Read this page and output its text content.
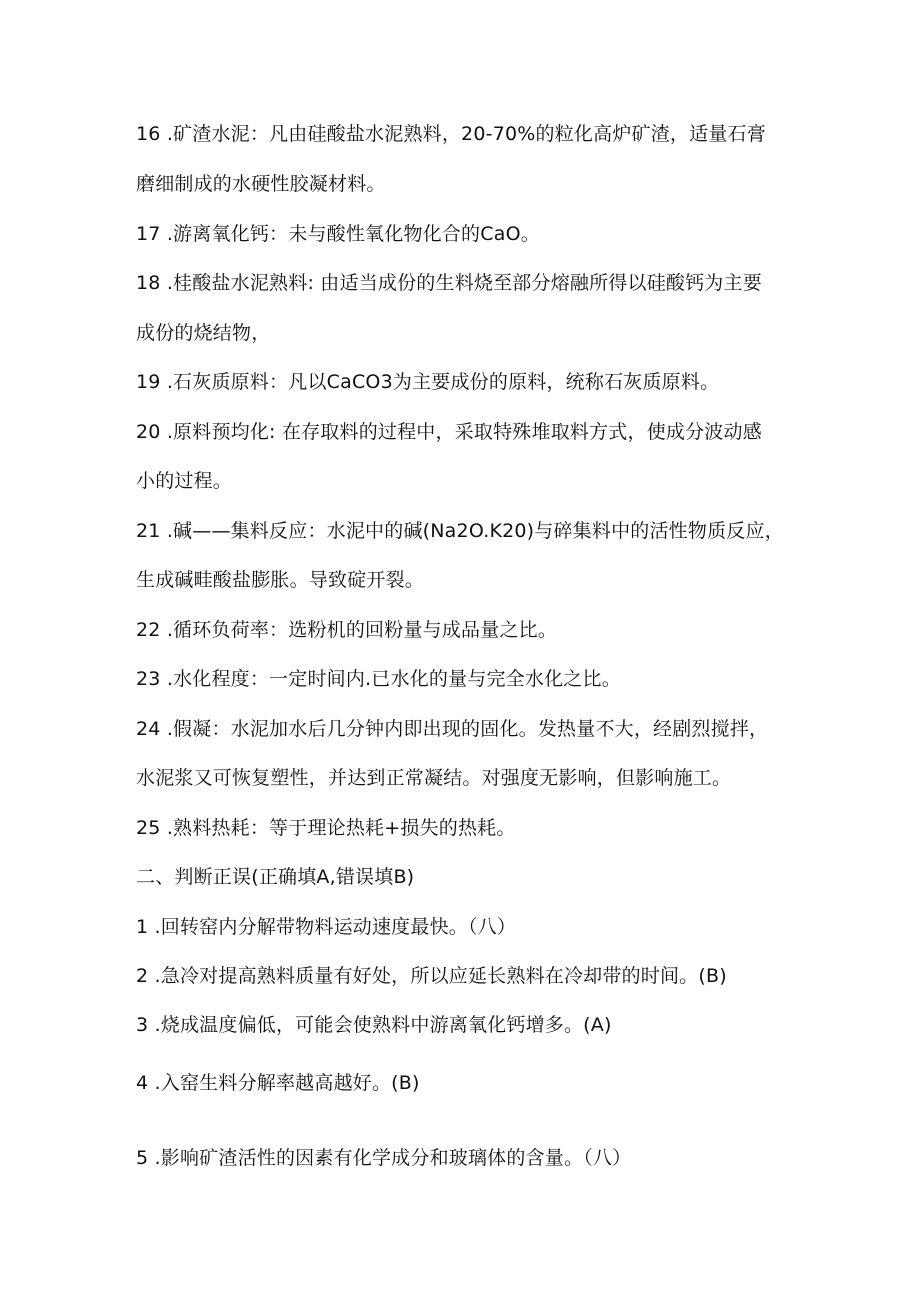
16 .矿渣水泥：凡由硅酸盐水泥熟料，20-70%的粒化高炉矿渣，适量石膏
磨细制成的水硬性胶凝材料。
17 .游离氧化钙：未与酸性氧化物化合的CaO。
18 .桂酸盐水泥熟料: 由适当成份的生料烧至部分熔融所得以硅酸钙为主要
成份的烧结物，
19 .石灰质原料：凡以CaCO3为主要成份的原料，统称石灰质原料。
20 .原料预均化: 在存取料的过程中，采取特殊堆取料方式，使成分波动感
小的过程。
21 .碱——集料反应：水泥中的碱(Na2O.K20)与碎集料中的活性物质反应，
生成碱畦酸盐膨胀。导致碇开裂。
22 .循环负荷率：选粉机的回粉量与成品量之比。
23 .水化程度：一定时间内.已水化的量与完全水化之比。
24 .假凝：水泥加水后几分钟内即出现的固化。发热量不大，经剧烈搅拌，
水泥浆又可恢复塑性，并达到正常凝结。对强度无影响，但影响施工。
25 .熟料热耗：等于理论热耗+损失的热耗。
二、判断正误(正确填A,错误填B)
1 .回转窑内分解带物料运动速度最快。（八）
2 .急冷对提高熟料质量有好处，所以应延长熟料在冷却带的时间。(B)
3 .烧成温度偏低，可能会使熟料中游离氧化钙增多。(A)
4 .入窑生料分解率越高越好。(B)
5 .影响矿渣活性的因素有化学成分和玻璃体的含量。（八）
